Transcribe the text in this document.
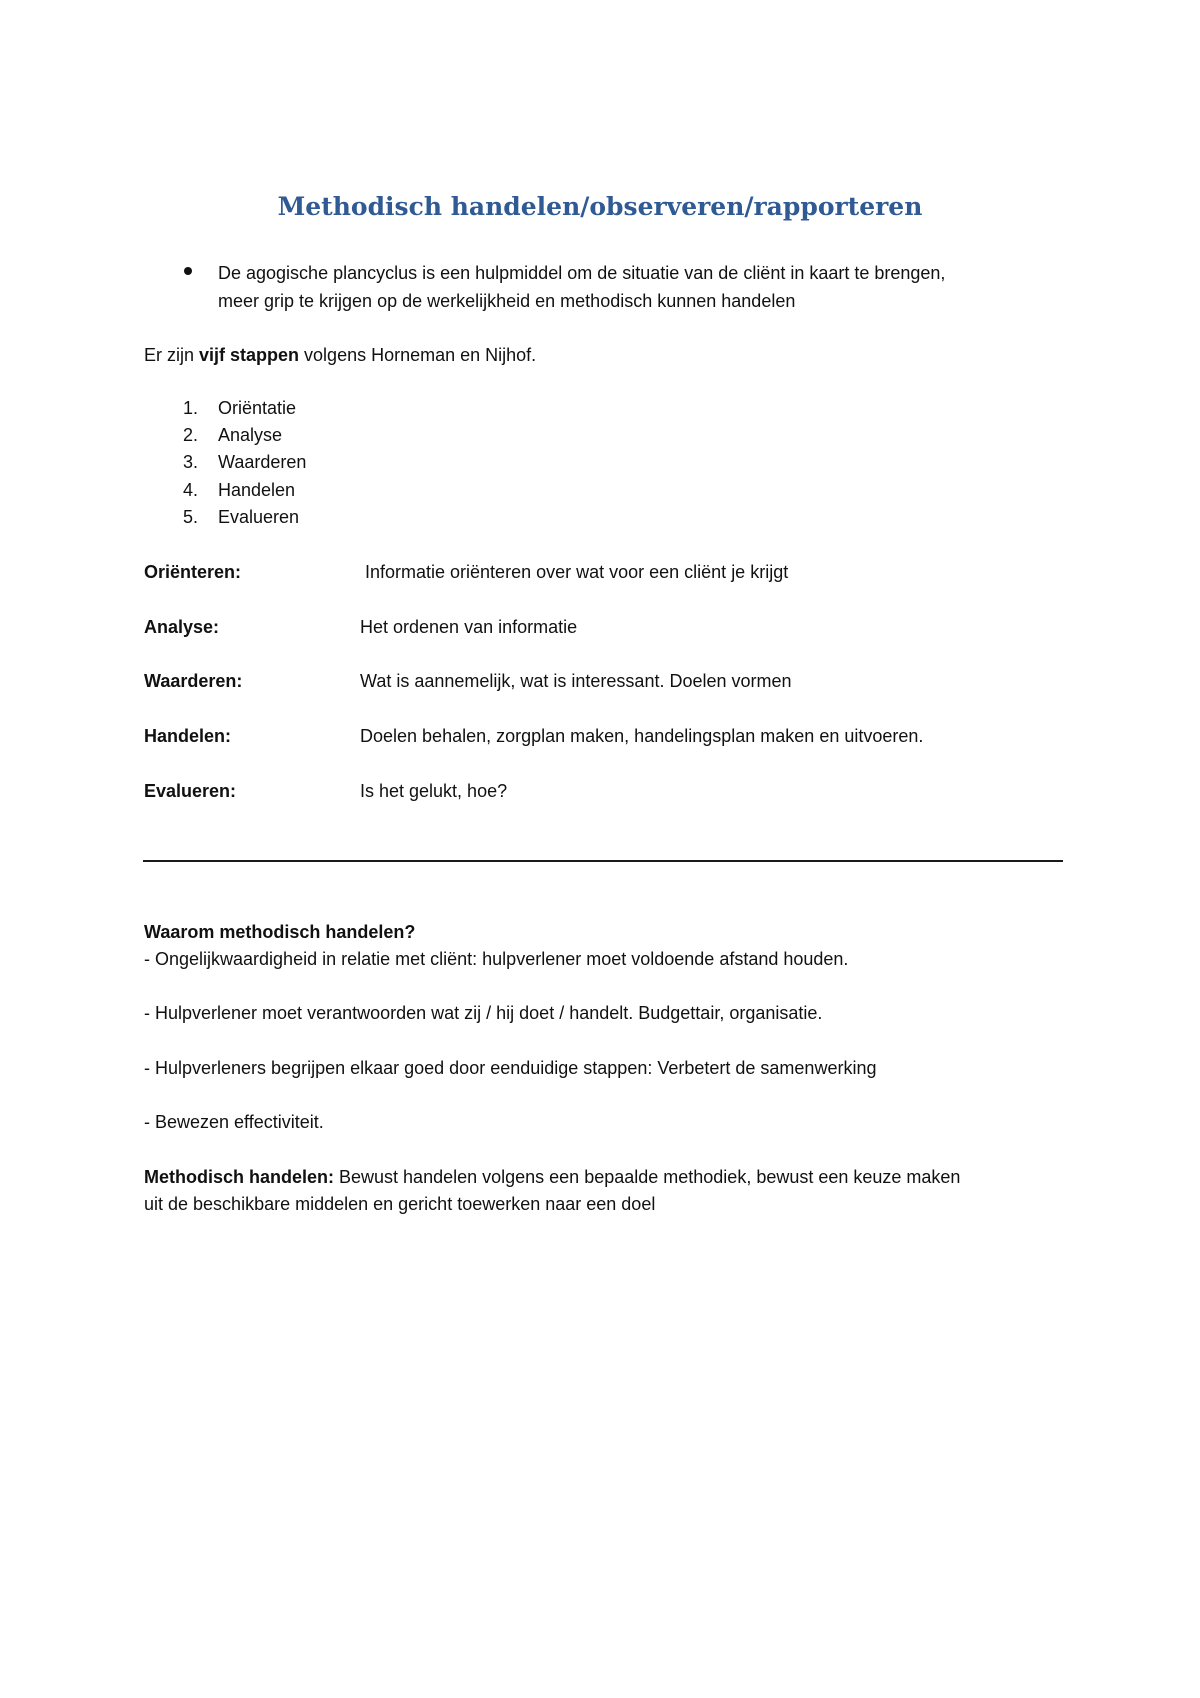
Methodisch handelen/observeren/rapporteren
De agogische plancyclus is een hulpmiddel om de situatie van de cliënt in kaart te brengen,
meer grip te krijgen op de werkelijkheid en methodisch kunnen handelen
Er zijn vijf stappen volgens Horneman en Nijhof.
1. Oriëntatie
2. Analyse
3. Waarderen
4. Handelen
5. Evalueren
Oriënteren:	Informatie oriënteren over wat voor een cliënt je krijgt
Analyse:	Het ordenen van informatie
Waarderen:	Wat is aannemelijk, wat is interessant. Doelen vormen
Handelen:	Doelen behalen, zorgplan maken, handelingsplan maken en uitvoeren.
Evalueren:	Is het gelukt, hoe?
Waarom methodisch handelen?
- Ongelijkwaardigheid in relatie met cliënt: hulpverlener moet voldoende afstand houden.
- Hulpverlener moet verantwoorden wat zij / hij doet / handelt. Budgettair, organisatie.
- Hulpverleners begrijpen elkaar goed door eenduidige stappen: Verbetert de samenwerking
- Bewezen effectiviteit.
Methodisch handelen: Bewust handelen volgens een bepaalde methodiek, bewust een keuze maken
uit de beschikbare middelen en gericht toewerken naar een doel
